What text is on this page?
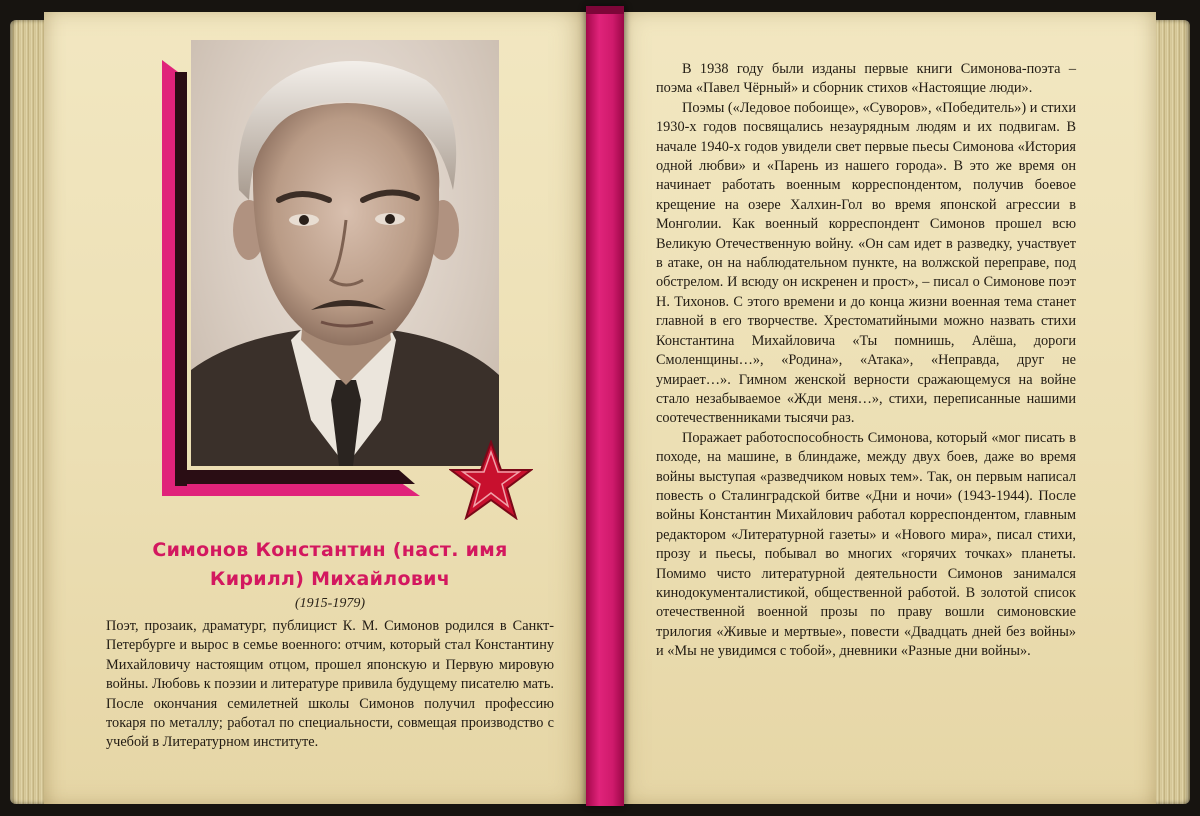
Симонов Константин (наст. имя
Кирилл) Михайлович
(1915-1979)

Поэт, прозаик, драматург, публицист К. М. Симонов родился в Санкт-Петербурге и вырос в семье военного: отчим, который стал Константину Михайловичу настоящим отцом, прошел японскую и Первую мировую войны. Любовь к поэзии и литературе привила будущему писателю мать. После окончания семилетней школы Симонов получил профессию токаря по металлу; работал по специальности, совмещая производство с учебой в Литературном институте.

В 1938 году были изданы первые книги Симонова-поэта – поэма «Павел Чёрный» и сборник стихов «Настоящие люди».

Поэмы («Ледовое побоище», «Суворов», «Победитель») и стихи 1930-х годов посвящались незаурядным людям и их подвигам. В начале 1940-х годов увидели свет первые пьесы Симонова «История одной любви» и «Парень из нашего города». В это же время он начинает работать военным корреспондентом, получив боевое крещение на озере Халхин-Гол во время японской агрессии в Монголии. Как военный корреспондент Симонов прошел всю Великую Отечественную войну. «Он сам идет в разведку, участвует в атаке, он на наблюдательном пункте, на волжской переправе, под обстрелом. И всюду он искренен и прост», – писал о Симонове поэт Н. Тихонов. С этого времени и до конца жизни военная тема станет главной в его творчестве. Хрестоматийными можно назвать стихи Константина Михайловича «Ты помнишь, Алёша, дороги Смоленщины…», «Родина», «Атака», «Неправда, друг не умирает…». Гимном женской верности сражающемуся на войне стало незабываемое «Жди меня…», стихи, переписанные нашими соотечественниками тысячи раз.

Поражает работоспособность Симонова, который «мог писать в походе, на машине, в блиндаже, между двух боев, даже во время войны выступая «разведчиком новых тем». Так, он первым написал повесть о Сталинградской битве «Дни и ночи» (1943-1944). После войны Константин Михайлович работал корреспондентом, главным редактором «Литературной газеты» и «Нового мира», писал стихи, прозу и пьесы, побывал во многих «горячих точках» планеты. Помимо чисто литературной деятельности Симонов занимался кинодокументалистикой, общественной работой. В золотой список отечественной военной прозы по праву вошли симоновские трилогия «Живые и мертвые», повести «Двадцать дней без войны» и «Мы не увидимся с тобой», дневники «Разные дни войны».
